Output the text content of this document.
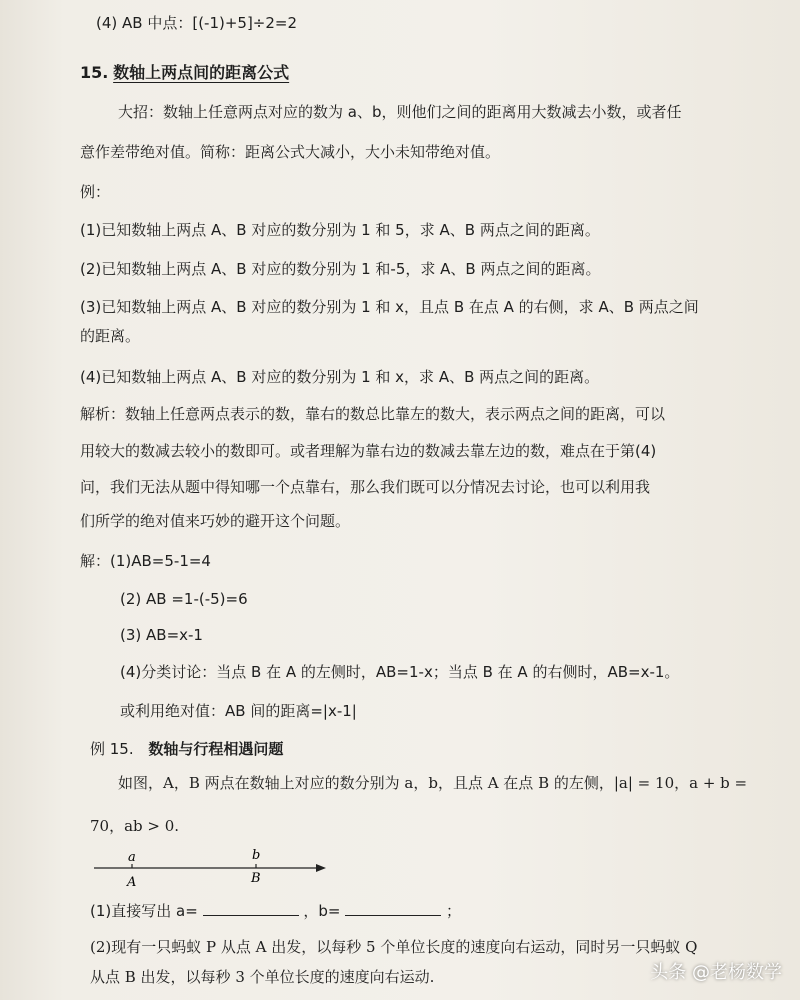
(4) AB 中点：[(-1)+5]÷2=2
15. 数轴上两点间的距离公式
大招：数轴上任意两点对应的数为 a、b，则他们之间的距离用大数减去小数，或者任
意作差带绝对值。简称：距离公式大减小，大小未知带绝对值。
例：
(1)已知数轴上两点 A、B 对应的数分别为 1 和 5，求 A、B 两点之间的距离。
(2)已知数轴上两点 A、B 对应的数分别为 1 和-5，求 A、B 两点之间的距离。
(3)已知数轴上两点 A、B 对应的数分别为 1 和 x，且点 B 在点 A 的右侧，求 A、B 两点之间
的距离。
(4)已知数轴上两点 A、B 对应的数分别为 1 和 x，求 A、B 两点之间的距离。
解析：数轴上任意两点表示的数，靠右的数总比靠左的数大，表示两点之间的距离，可以
用较大的数减去较小的数即可。或者理解为靠右边的数减去靠左边的数，难点在于第(4)
问，我们无法从题中得知哪一个点靠右，那么我们既可以分情况去讨论，也可以利用我
们所学的绝对值来巧妙的避开这个问题。
解：(1)AB=5-1=4
(2) AB =1-(-5)=6
(3) AB=x-1
(4)分类讨论：当点 B 在 A 的左侧时，AB=1-x；当点 B 在 A 的右侧时，AB=x-1。
或利用绝对值：AB 间的距离=|x-1|
例 15. 数轴与行程相遇问题
如图，A，B 两点在数轴上对应的数分别为 a，b，且点 A 在点 B 的左侧，|a| = 10，a + b =
70，ab > 0.
a
A
b
B
(1)直接写出 a=	，b=	；
(2)现有一只蚂蚁 P 从点 A 出发，以每秒 5 个单位长度的速度向右运动，同时另一只蚂蚁 Q
从点 B 出发，以每秒 3 个单位长度的速度向右运动.	头条 @老杨数学
